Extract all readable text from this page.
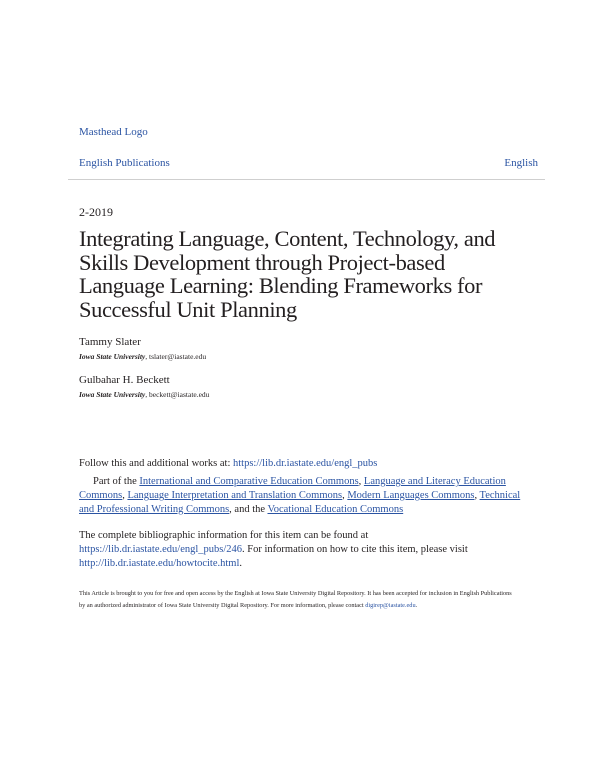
Masthead Logo
English Publications	English
2-2019
Integrating Language, Content, Technology, and
Skills Development through Project-based
Language Learning: Blending Frameworks for
Successful Unit Planning
Tammy Slater
Iowa State University, tslater@iastate.edu
Gulbahar H. Beckett
Iowa State University, beckett@iastate.edu
Follow this and additional works at: https://lib.dr.iastate.edu/engl_pubs
Part of the International and Comparative Education Commons, Language and Literacy Education Commons, Language Interpretation and Translation Commons, Modern Languages Commons, Technical and Professional Writing Commons, and the Vocational Education Commons
The complete bibliographic information for this item can be found at https://lib.dr.iastate.edu/engl_pubs/246. For information on how to cite this item, please visit http://lib.dr.iastate.edu/howtocite.html.
This Article is brought to you for free and open access by the English at Iowa State University Digital Repository. It has been accepted for inclusion in English Publications by an authorized administrator of Iowa State University Digital Repository. For more information, please contact digirep@iastate.edu.
